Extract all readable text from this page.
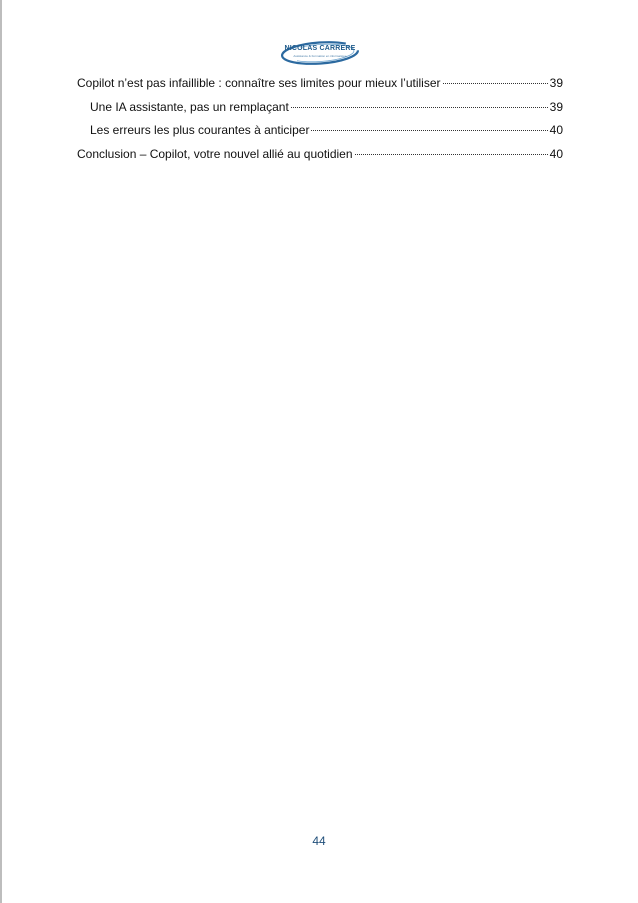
NICOLAS CARRERE
Assistance & Formation en informatique
Copilot n’est pas infaillible : connaître ses limites pour mieux l’utiliser	39
Une IA assistante, pas un remplaçant	39
Les erreurs les plus courantes à anticiper	40
Conclusion – Copilot, votre nouvel allié au quotidien	40
44
